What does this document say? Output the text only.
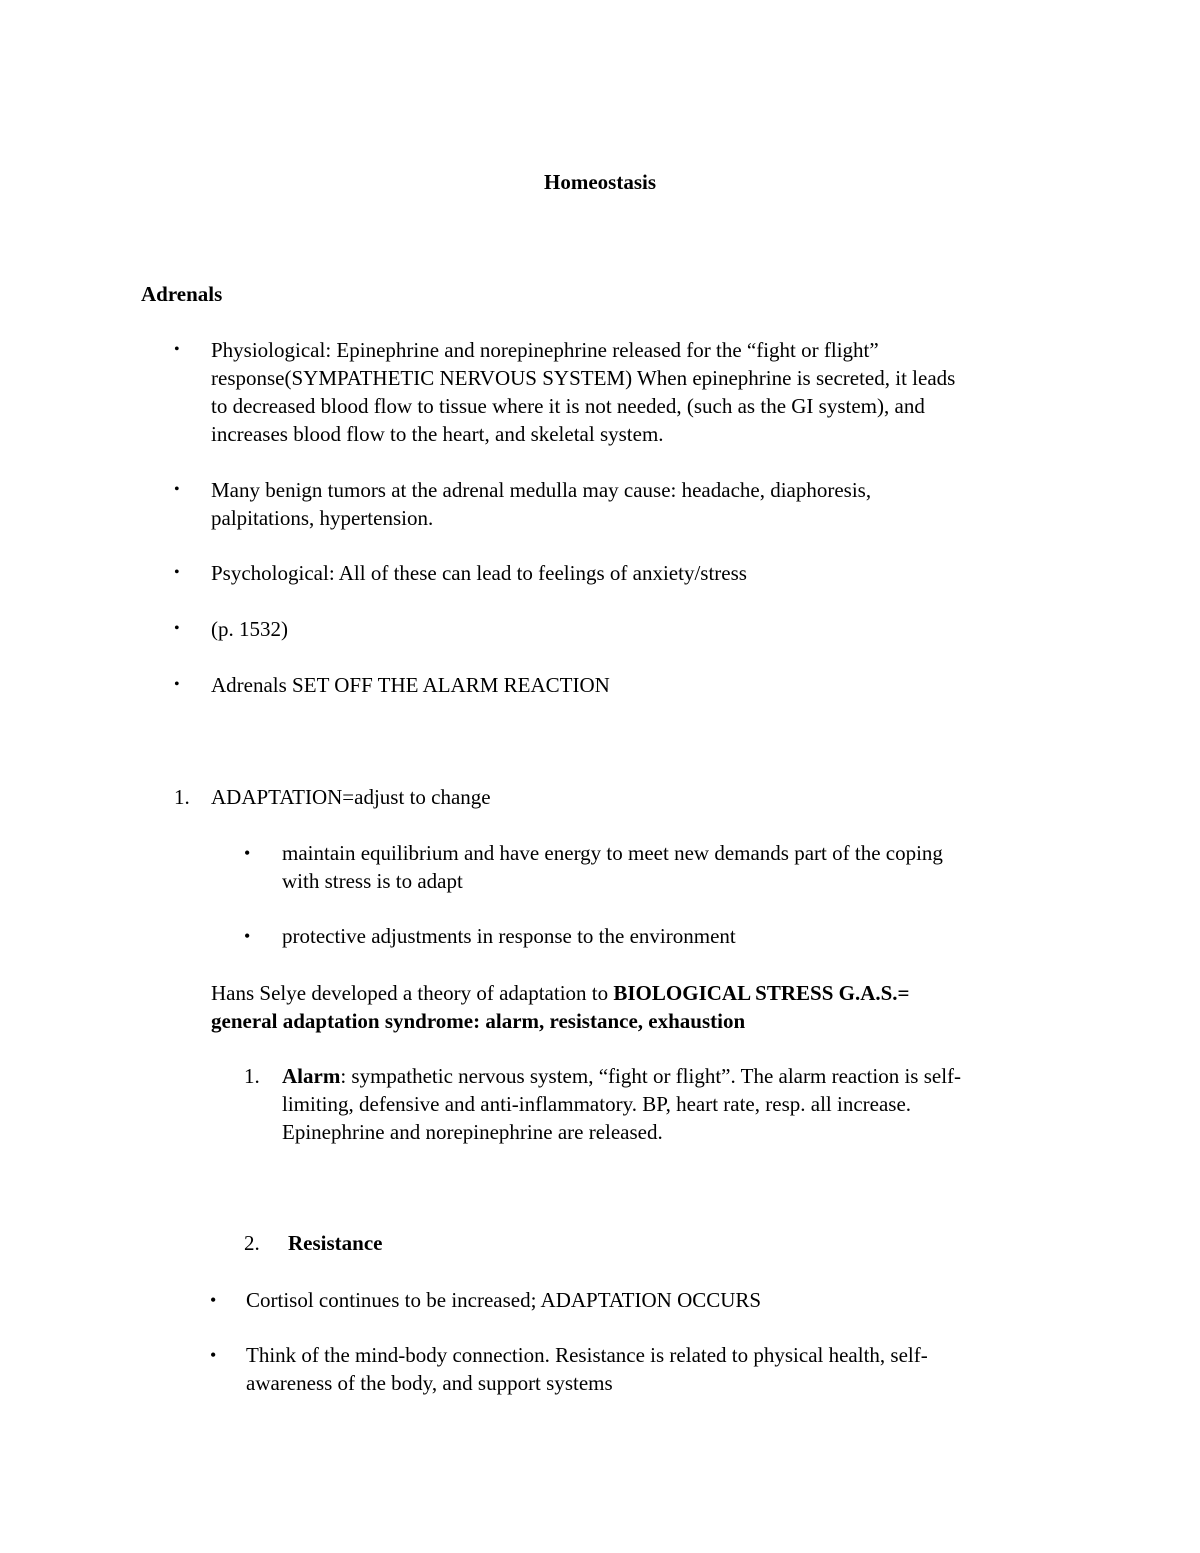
Homeostasis
Adrenals
• Physiological: Epinephrine and norepinephrine released for the “fight or flight”
response(SYMPATHETIC NERVOUS SYSTEM) When epinephrine is secreted, it leads
to decreased blood flow to tissue where it is not needed, (such as the GI system), and
increases blood flow to the heart, and skeletal system.
• Many benign tumors at the adrenal medulla may cause: headache, diaphoresis,
palpitations, hypertension.
• Psychological: All of these can lead to feelings of anxiety/stress
• (p. 1532)
• Adrenals SET OFF THE ALARM REACTION
1. ADAPTATION=adjust to change
• maintain equilibrium and have energy to meet new demands part of the coping
with stress is to adapt
• protective adjustments in response to the environment
Hans Selye developed a theory of adaptation to BIOLOGICAL STRESS G.A.S.=
general adaptation syndrome: alarm, resistance, exhaustion
1. Alarm: sympathetic nervous system, “fight or flight”. The alarm reaction is self-
limiting, defensive and anti-inflammatory. BP, heart rate, resp. all increase.
Epinephrine and norepinephrine are released.
2. Resistance
• Cortisol continues to be increased; ADAPTATION OCCURS
• Think of the mind-body connection. Resistance is related to physical health, self-
awareness of the body, and support systems
